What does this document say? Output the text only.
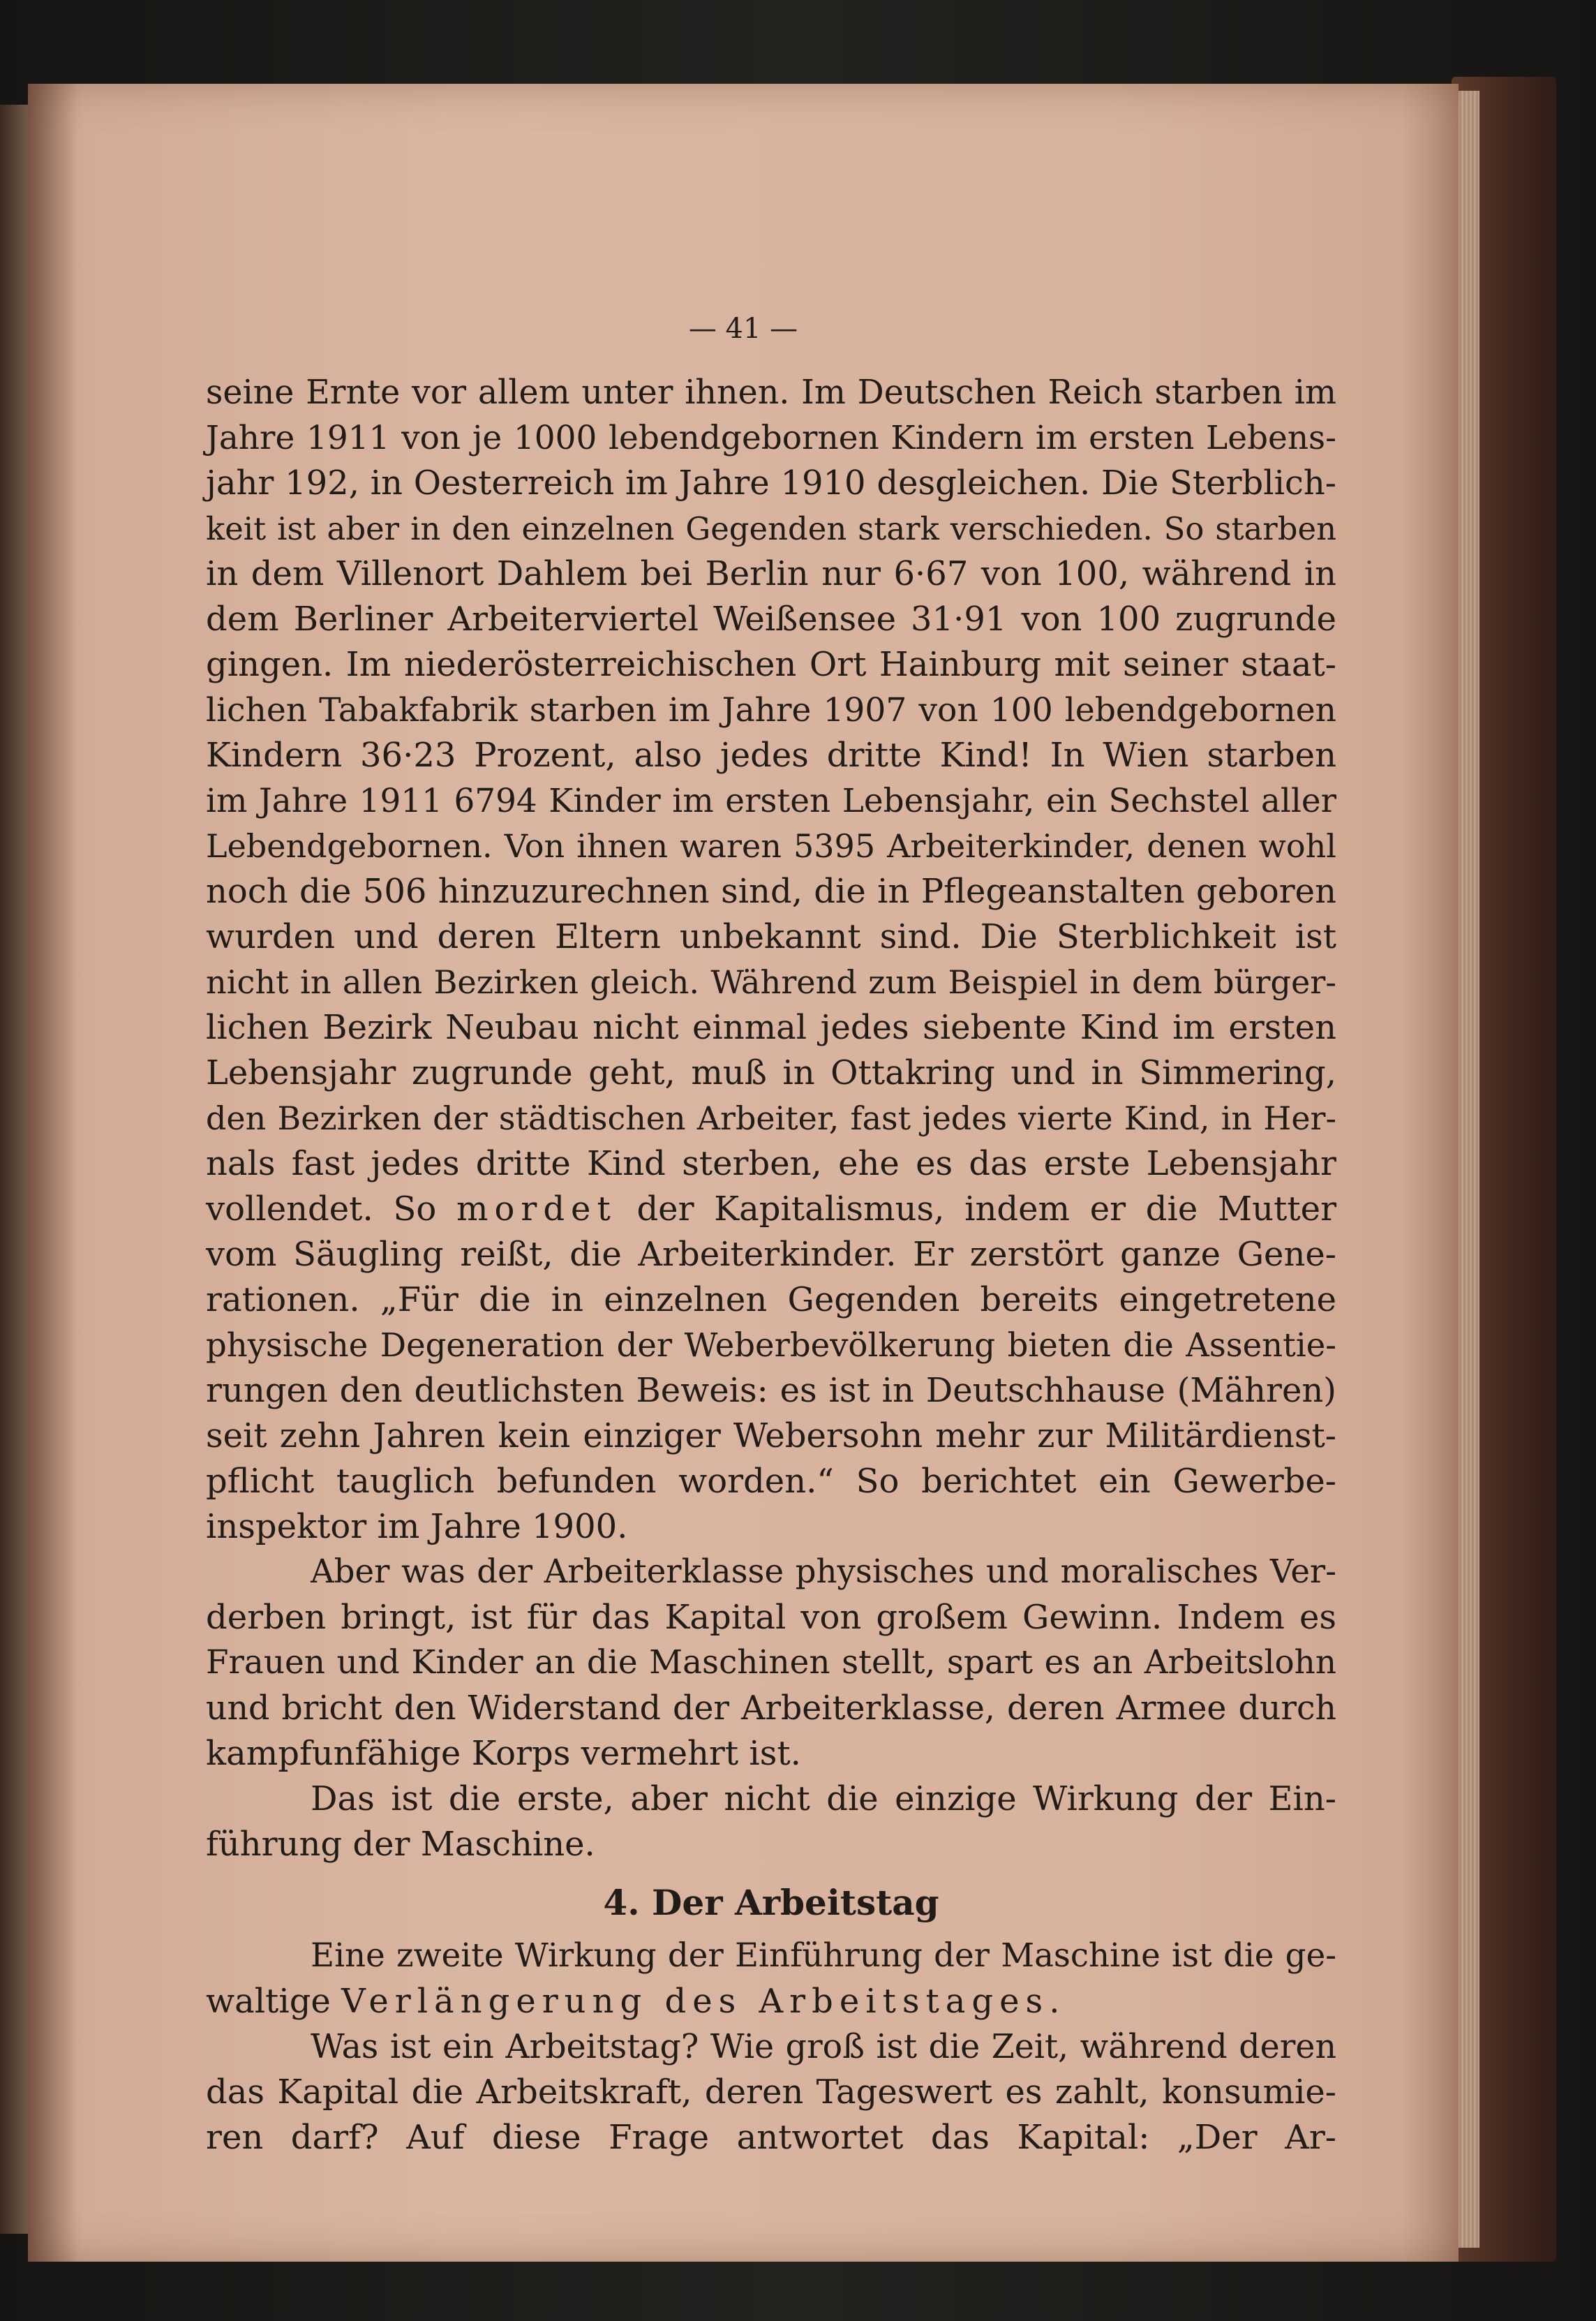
— 41 —
seine Ernte vor allem unter ihnen. Im Deutschen Reich starben im
Jahre 1911 von je 1000 lebendgebornen Kindern im ersten Lebens-
jahr 192, in Oesterreich im Jahre 1910 desgleichen. Die Sterblich-
keit ist aber in den einzelnen Gegenden stark verschieden. So starben
in dem Villenort Dahlem bei Berlin nur 6·67 von 100, während in
dem Berliner Arbeiterviertel Weißensee 31·91 von 100 zugrunde
gingen. Im niederösterreichischen Ort Hainburg mit seiner staat-
lichen Tabakfabrik starben im Jahre 1907 von 100 lebendgebornen
Kindern 36·23 Prozent, also jedes dritte Kind! In Wien starben
im Jahre 1911 6794 Kinder im ersten Lebensjahr, ein Sechstel aller
Lebendgebornen. Von ihnen waren 5395 Arbeiterkinder, denen wohl
noch die 506 hinzuzurechnen sind, die in Pflegeanstalten geboren
wurden und deren Eltern unbekannt sind. Die Sterblichkeit ist
nicht in allen Bezirken gleich. Während zum Beispiel in dem bürger-
lichen Bezirk Neubau nicht einmal jedes siebente Kind im ersten
Lebensjahr zugrunde geht, muß in Ottakring und in Simmering,
den Bezirken der städtischen Arbeiter, fast jedes vierte Kind, in Her-
nals fast jedes dritte Kind sterben, ehe es das erste Lebensjahr
vollendet. So mordet der Kapitalismus, indem er die Mutter
vom Säugling reißt, die Arbeiterkinder. Er zerstört ganze Gene-
rationen. „Für die in einzelnen Gegenden bereits eingetretene
physische Degeneration der Weberbevölkerung bieten die Assentie-
rungen den deutlichsten Beweis: es ist in Deutschhause (Mähren)
seit zehn Jahren kein einziger Webersohn mehr zur Militärdienst-
pflicht tauglich befunden worden.“ So berichtet ein Gewerbe-
inspektor im Jahre 1900.
Aber was der Arbeiterklasse physisches und moralisches Ver-
derben bringt, ist für das Kapital von großem Gewinn. Indem es
Frauen und Kinder an die Maschinen stellt, spart es an Arbeitslohn
und bricht den Widerstand der Arbeiterklasse, deren Armee durch
kampfunfähige Korps vermehrt ist.
Das ist die erste, aber nicht die einzige Wirkung der Ein-
führung der Maschine.
4. Der Arbeitstag
Eine zweite Wirkung der Einführung der Maschine ist die ge-
waltige Verlängerung des Arbeitstages.
Was ist ein Arbeitstag? Wie groß ist die Zeit, während deren
das Kapital die Arbeitskraft, deren Tageswert es zahlt, konsumie-
ren darf? Auf diese Frage antwortet das Kapital: „Der Ar-
